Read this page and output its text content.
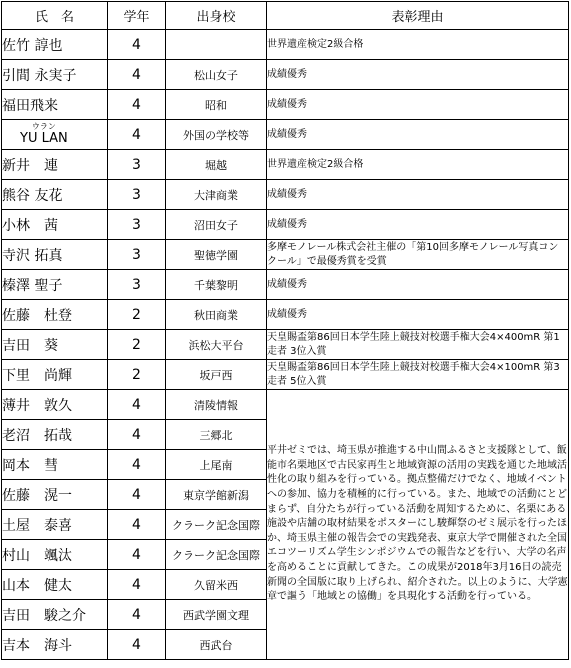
氏　名	学年	出身校	表彰理由
佐竹 諄也	4		世界遺産検定2級合格
引間 永実子	4	松山女子	成績優秀
福田飛来	4	昭和	成績優秀

ウラン
YU LAN	4	外国の学校等	成績優秀
新井　連	3	堀越	世界遺産検定2級合格
熊谷 友花	3	大津商業	成績優秀
小林　茜	3	沼田女子	成績優秀
寺沢 拓真	3	聖徳学園	多摩モノレール株式会社主催の「第10回多摩モノレール写真コンクール」で最優秀賞を受賞
榛澤 聖子	3	千葉黎明	成績優秀
佐藤　杜登	2	秋田商業	成績優秀
吉田　葵	2	浜松大平台	天皇賜盃第86回日本学生陸上競技対校選手権大会4×400mR 第1走者 3位入賞
下里　尚輝	2	坂戸西	天皇賜盃第86回日本学生陸上競技対校選手権大会4×100mR 第3走者 5位入賞
薄井　敦久	4	清陵情報	平井ゼミでは、埼玉県が推進する中山間ふるさと支援隊として、飯能市名栗地区で古民家再生と地域資源の活用の実践を通じた地域活性化の取り組みを行っている。拠点整備だけでなく、地域イベントへの参加、協力を積極的に行っている。また、地域での活動にとどまらず、自分たちが行っている活動を周知するために、名栗にある施設や店舗の取材結果をポスターにし駿輝祭のゼミ展示を行ったほか、埼玉県主催の報告会での実践発表、東京大学で開催された全国エコツーリズム学生シンポジウムでの報告などを行い、大学の名声を高めることに貢献してきた。この成果が2018年3月16日の読売新聞の全国版に取り上げられ、紹介された。以上のように、大学憲章で謳う「地域との協働」を具現化する活動を行っている。
老沼　拓哉	4	三郷北	
岡本　彗	4	上尾南	
佐藤　滉一	4	東京学館新潟	
土屋　泰喜	4	クラーク記念国際	
村山　颯汰	4	クラーク記念国際	
山本　健太	4	久留米西	
吉田　駿之介	4	西武学園文理	
吉本　海斗	4	西武台	
